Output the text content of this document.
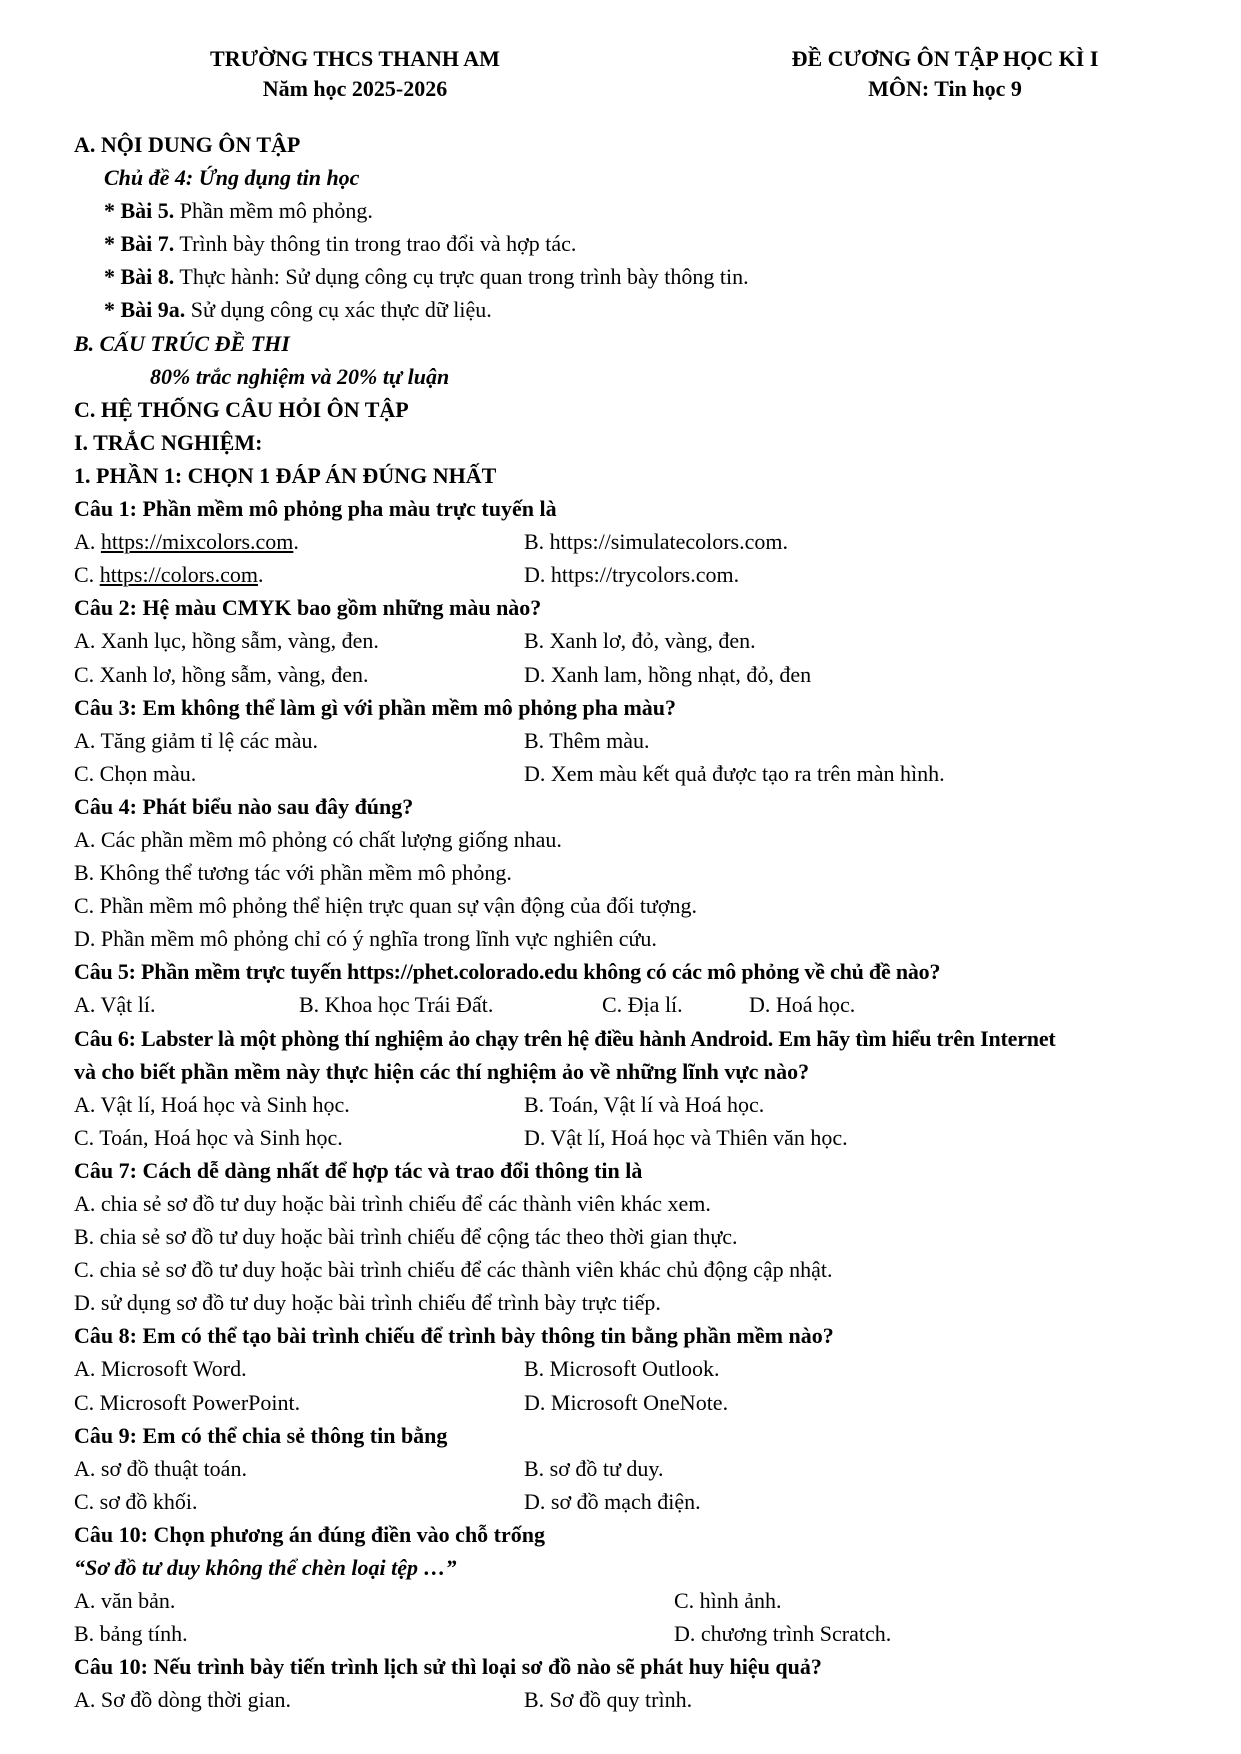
TRƯỜNG THCS THANH AM
Năm học 2025-2026
ĐỀ CƯƠNG ÔN TẬP HỌC KÌ I
MÔN: Tin học 9
A. NỘI DUNG ÔN TẬP
Chủ đề 4: Ứng dụng tin học
* Bài 5. Phần mềm mô phỏng.
* Bài 7. Trình bày thông tin trong trao đổi và hợp tác.
* Bài 8. Thực hành: Sử dụng công cụ trực quan trong trình bày thông tin.
* Bài 9a. Sử dụng công cụ xác thực dữ liệu.
B. CẤU TRÚC ĐỀ THI
80% trắc nghiệm và 20% tự luận
C. HỆ THỐNG CÂU HỎI ÔN TẬP
I. TRẮC NGHIỆM:
1. PHẦN 1: CHỌN 1 ĐÁP ÁN ĐÚNG NHẤT
Câu 1: Phần mềm mô phỏng pha màu trực tuyến là
A. https://mixcolors.com.	B. https://simulatecolors.com.
C. https://colors.com.	D. https://trycolors.com.
Câu 2: Hệ màu CMYK bao gồm những màu nào?
A. Xanh lục, hồng sẫm, vàng, đen.	B. Xanh lơ, đỏ, vàng, đen.
C. Xanh lơ, hồng sẫm, vàng, đen.	D. Xanh lam, hồng nhạt, đỏ, đen
Câu 3: Em không thể làm gì với phần mềm mô phỏng pha màu?
A. Tăng giảm tỉ lệ các màu.	B. Thêm màu.
C. Chọn màu.	D. Xem màu kết quả được tạo ra trên màn hình.
Câu 4: Phát biểu nào sau đây đúng?
A. Các phần mềm mô phỏng có chất lượng giống nhau.
B. Không thể tương tác với phần mềm mô phỏng.
C. Phần mềm mô phỏng thể hiện trực quan sự vận động của đối tượng.
D. Phần mềm mô phỏng chỉ có ý nghĩa trong lĩnh vực nghiên cứu.
Câu 5: Phần mềm trực tuyến https://phet.colorado.edu không có các mô phỏng về chủ đề nào?
A. Vật lí.	B. Khoa học Trái Đất.	C. Địa lí.	D. Hoá học.
Câu 6: Labster là một phòng thí nghiệm ảo chạy trên hệ điều hành Android. Em hãy tìm hiểu trên Internet
và cho biết phần mềm này thực hiện các thí nghiệm ảo về những lĩnh vực nào?
A. Vật lí, Hoá học và Sinh học.	B. Toán, Vật lí và Hoá học.
C. Toán, Hoá học và Sinh học.	D. Vật lí, Hoá học và Thiên văn học.
Câu 7: Cách dễ dàng nhất để hợp tác và trao đổi thông tin là
A. chia sẻ sơ đồ tư duy hoặc bài trình chiếu để các thành viên khác xem.
B. chia sẻ sơ đồ tư duy hoặc bài trình chiếu để cộng tác theo thời gian thực.
C. chia sẻ sơ đồ tư duy hoặc bài trình chiếu để các thành viên khác chủ động cập nhật.
D. sử dụng sơ đồ tư duy hoặc bài trình chiếu để trình bày trực tiếp.
Câu 8: Em có thể tạo bài trình chiếu để trình bày thông tin bằng phần mềm nào?
A. Microsoft Word.	B. Microsoft Outlook.
C. Microsoft PowerPoint.	D. Microsoft OneNote.
Câu 9: Em có thể chia sẻ thông tin bằng
A. sơ đồ thuật toán.	B. sơ đồ tư duy.
C. sơ đồ khối.	D. sơ đồ mạch điện.
Câu 10: Chọn phương án đúng điền vào chỗ trống
“Sơ đồ tư duy không thể chèn loại tệp …”
A. văn bản.	C. hình ảnh.
B. bảng tính.	D. chương trình Scratch.
Câu 10: Nếu trình bày tiến trình lịch sử thì loại sơ đồ nào sẽ phát huy hiệu quả?
A. Sơ đồ dòng thời gian.	B. Sơ đồ quy trình.
